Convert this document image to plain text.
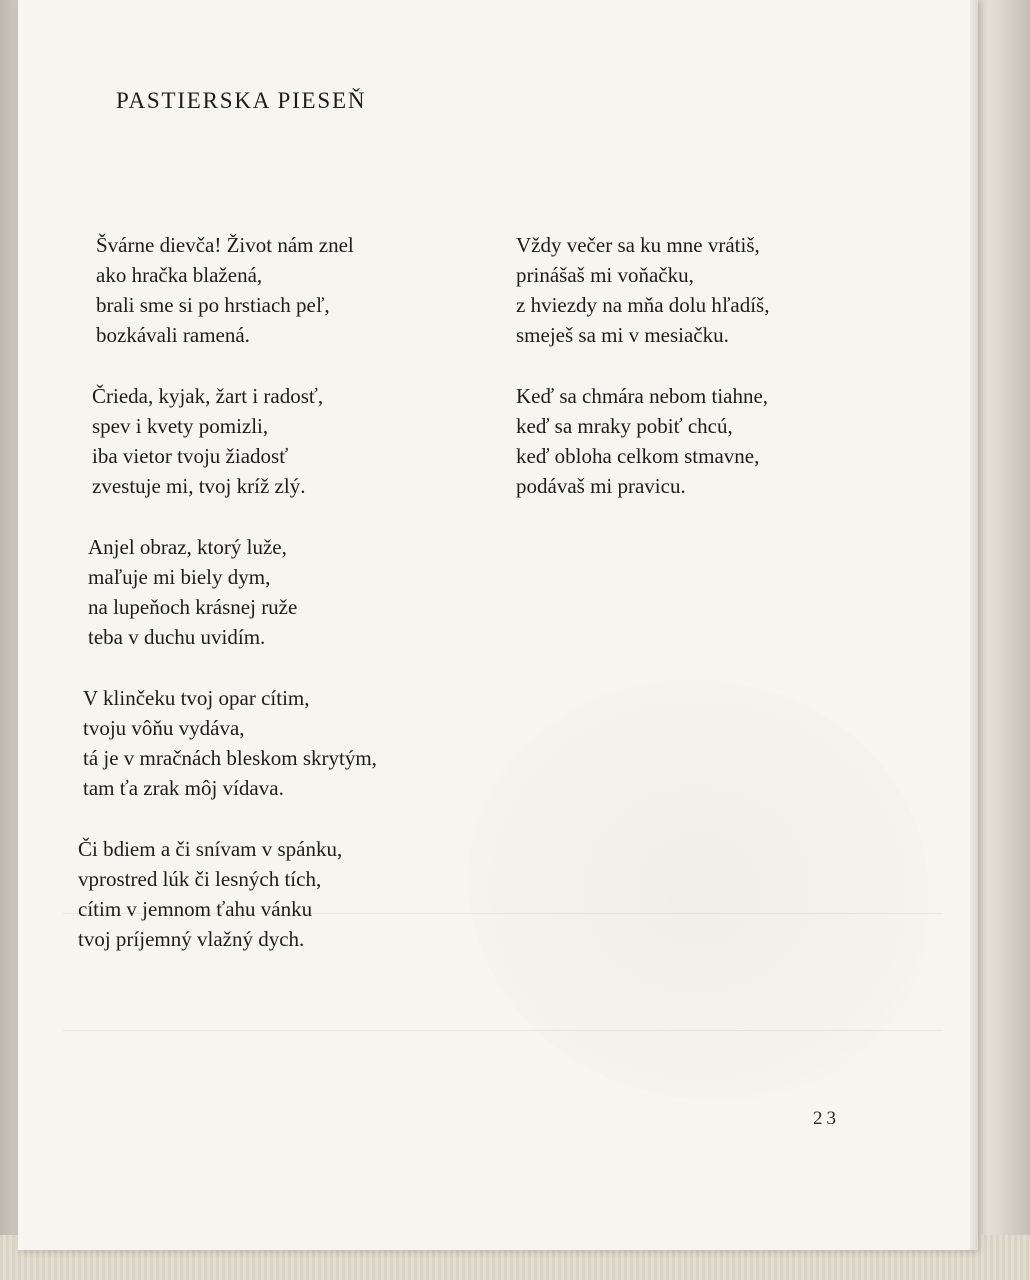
PASTIERSKA PIESEŇ
Švárne dievča! Život nám znel
ako hračka blažená,
brali sme si po hrstiach peľ,
bozkávali ramená.
Črieda, kyjak, žart i radosť,
spev i kvety pomizli,
iba vietor tvoju žiadosť
zvestuje mi, tvoj kríž zlý.
Anjel obraz, ktorý luže,
maľuje mi biely dym,
na lupeňoch krásnej ruže
teba v duchu uvidím.
V klinčeku tvoj opar cítim,
tvoju vôňu vydáva,
tá je v mračnách bleskom skrytým,
tam ťa zrak môj vídava.
Či bdiem a či snívam v spánku,
vprostred lúk či lesných tích,
cítim v jemnom ťahu vánku
tvoj príjemný vlažný dych.
Vždy večer sa ku mne vrátiš,
prinášaš mi voňačku,
z hviezdy na mňa dolu hľadíš,
smeješ sa mi v mesiačku.
Keď sa chmára nebom tiahne,
keď sa mraky pobiť chcú,
keď obloha celkom stmavne,
podávaš mi pravicu.
23
